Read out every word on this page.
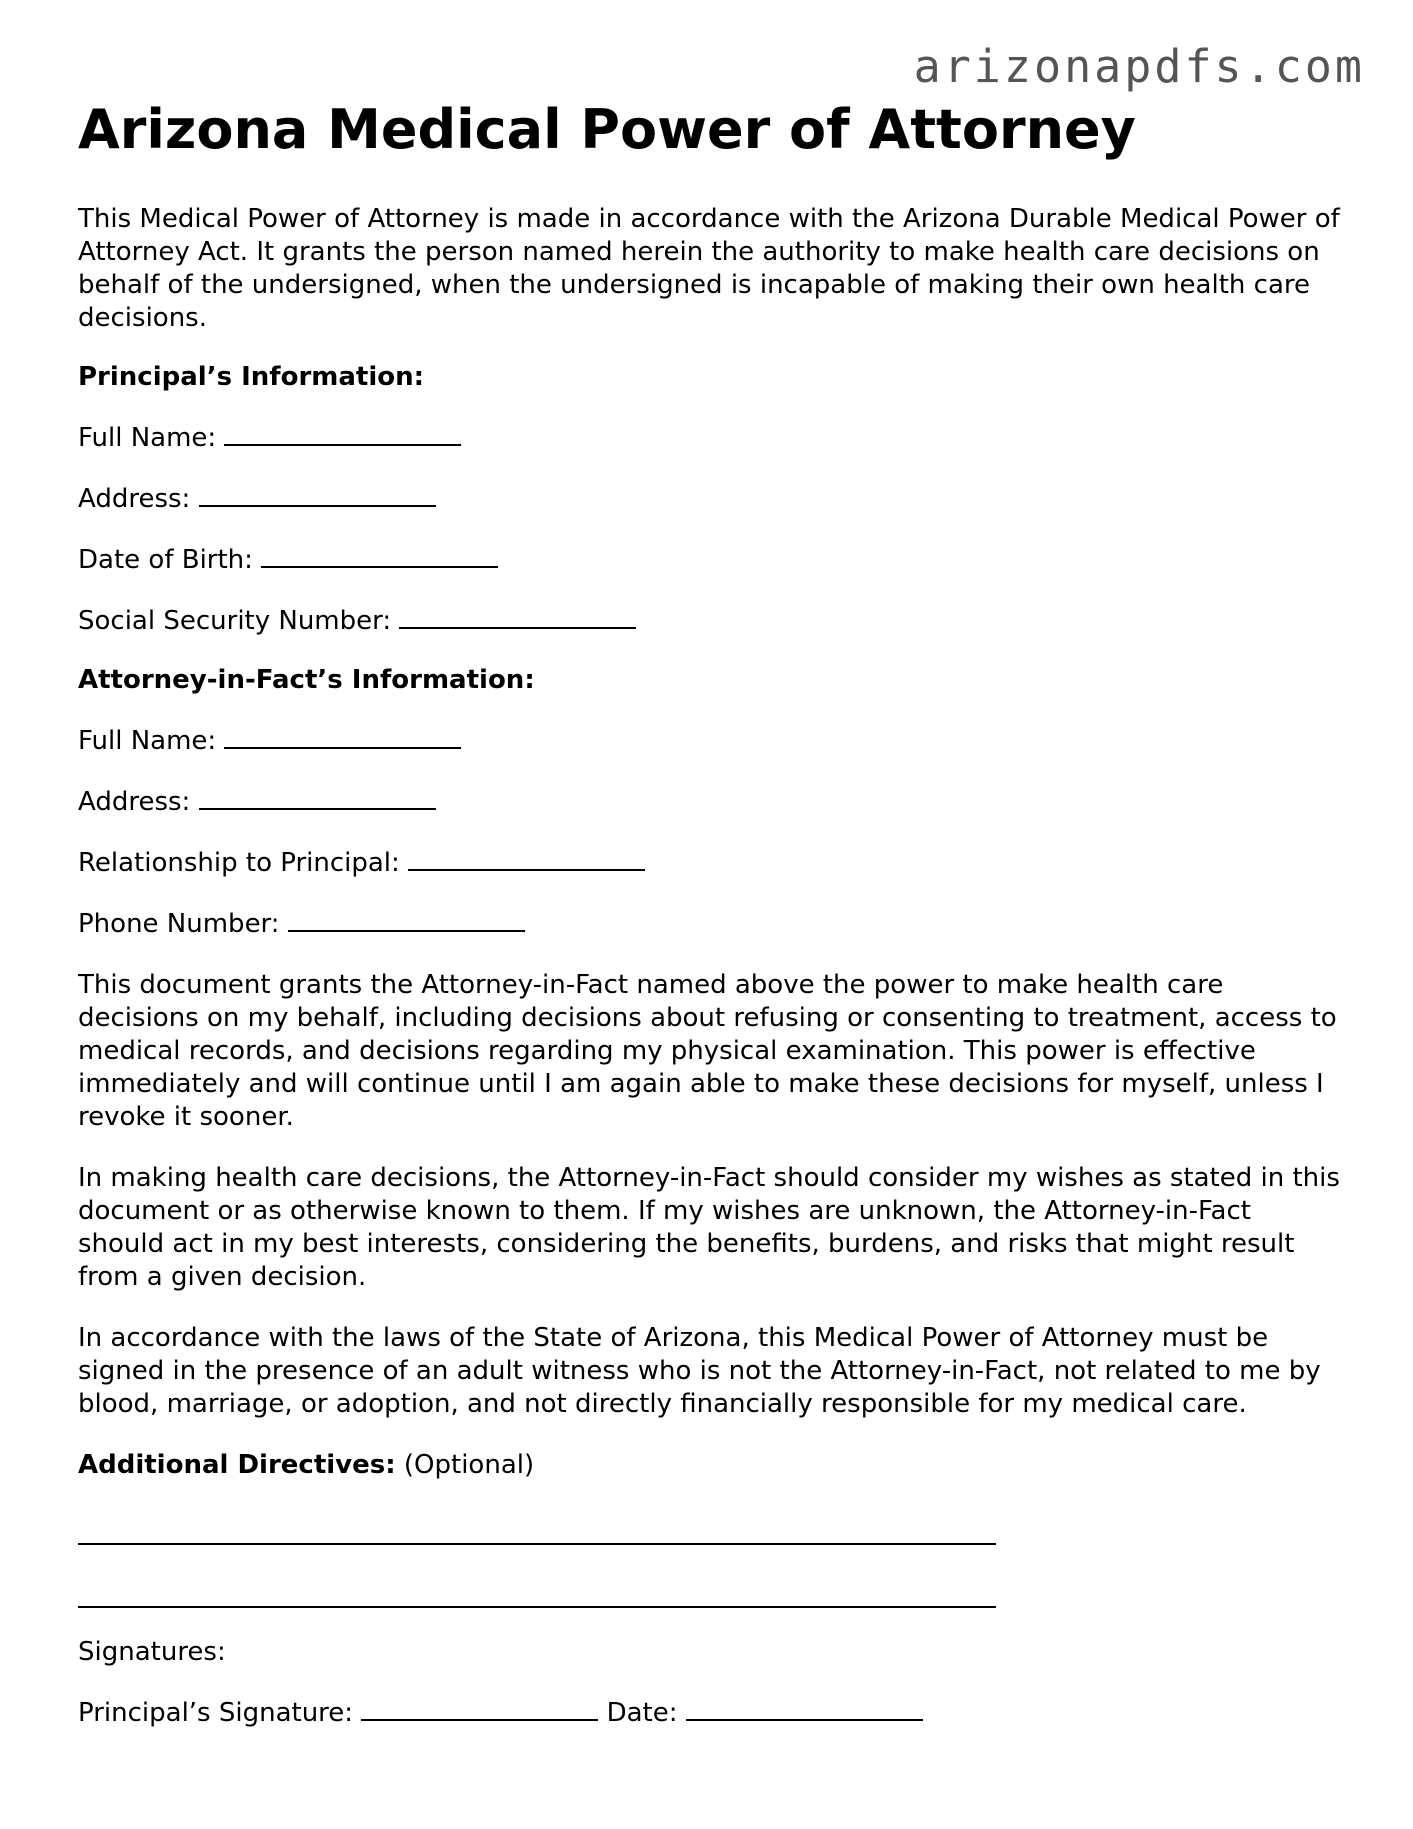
arizonapdfs.com
Arizona Medical Power of Attorney

This Medical Power of Attorney is made in accordance with the Arizona Durable Medical Power of Attorney Act. It grants the person named herein the authority to make health care decisions on behalf of the undersigned, when the undersigned is incapable of making their own health care decisions.

Principal’s Information:

Full Name:

Address:

Date of Birth:

Social Security Number:

Attorney-in-Fact’s Information:

Full Name:

Address:

Relationship to Principal:

Phone Number:

This document grants the Attorney-in-Fact named above the power to make health care decisions on my behalf, including decisions about refusing or consenting to treatment, access to medical records, and decisions regarding my physical examination. This power is effective immediately and will continue until I am again able to make these decisions for myself, unless I revoke it sooner.

In making health care decisions, the Attorney-in-Fact should consider my wishes as stated in this document or as otherwise known to them. If my wishes are unknown, the Attorney-in-Fact should act in my best interests, considering the benefits, burdens, and risks that might result from a given decision.

In accordance with the laws of the State of Arizona, this Medical Power of Attorney must be signed in the presence of an adult witness who is not the Attorney-in-Fact, not related to me by blood, marriage, or adoption, and not directly financially responsible for my medical care.

Additional Directives: (Optional)

Signatures:

Principal’s Signature:	Date:
